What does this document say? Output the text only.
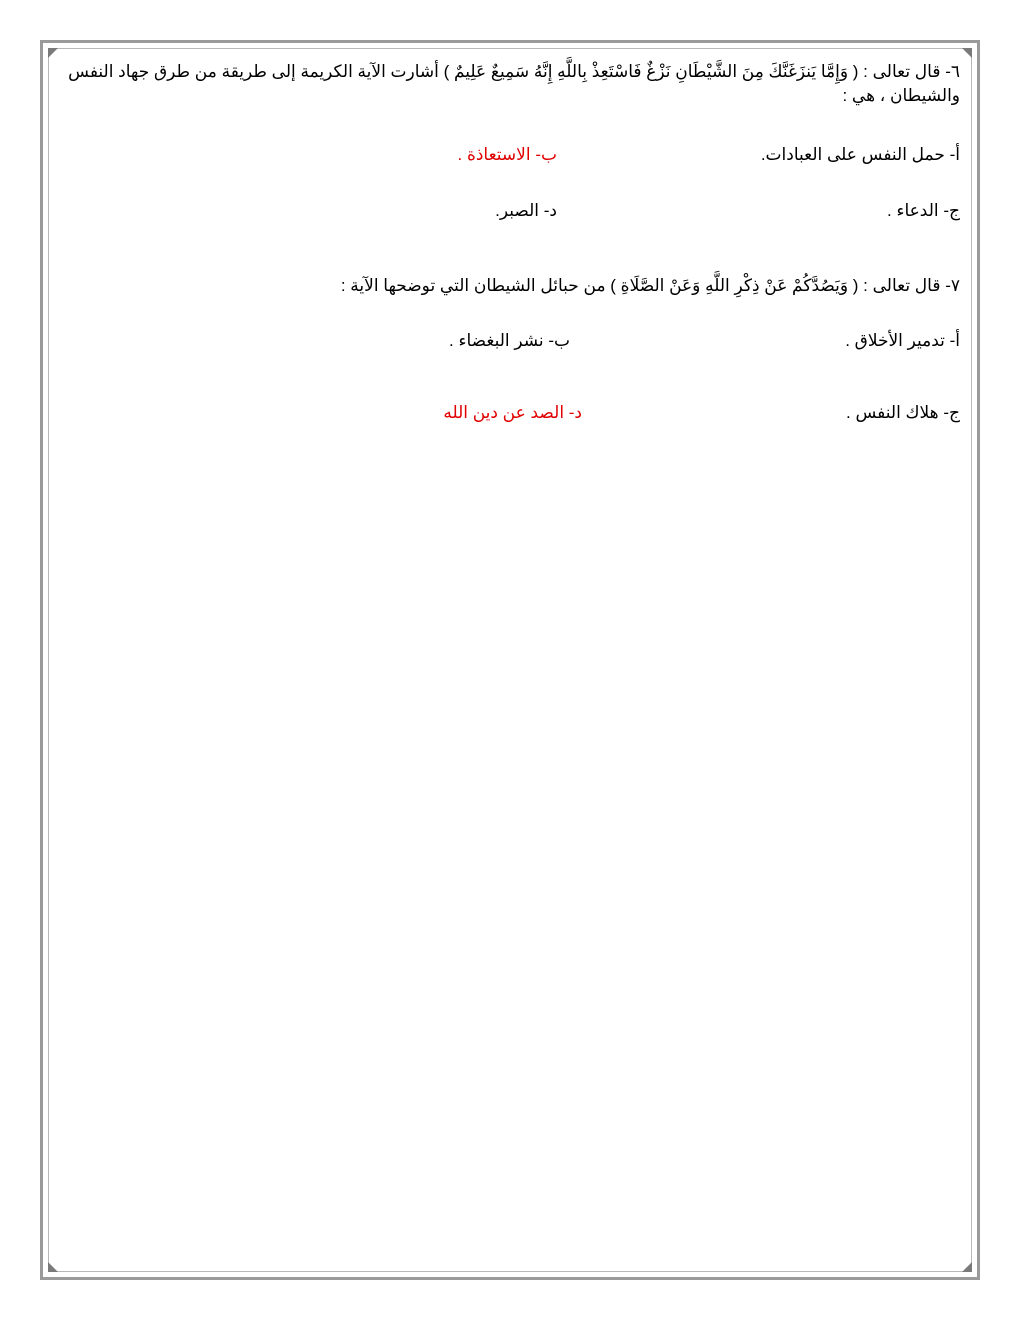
٦- قال تعالى : ( وَإِمَّا يَنزَغَنَّكَ مِنَ الشَّيْطَانِ نَزْغٌ فَاسْتَعِذْ بِاللَّهِ إِنَّهُ سَمِيعٌ عَلِيمٌ ) أشارت الآية الكريمة إلى طريقة من طرق جهاد النفس والشيطان ، هي :

أ- حمل النفس على العبادات.
ب- الاستعاذة .
ج- الدعاء .
د- الصبر.

٧- قال تعالى : ( وَيَصُدَّكُمْ عَنْ ذِكْرِ اللَّهِ وَعَنْ الصَّلَاةِ ) من حبائل الشيطان التي توضحها الآية :

أ- تدمير الأخلاق .
ب- نشر البغضاء .
ج- هلاك النفس .
د- الصد عن دين الله
